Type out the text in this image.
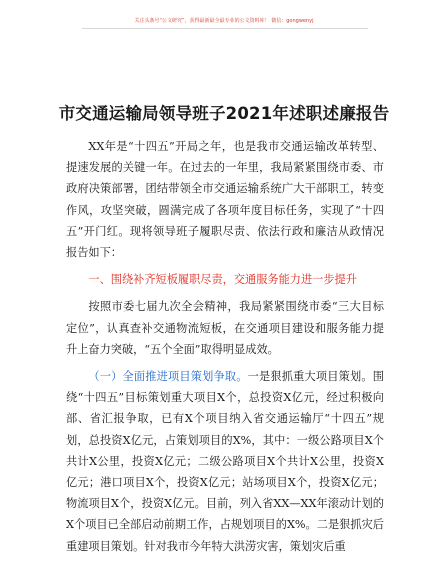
关注头条号“公文研究”，获得最新最全最专业的公文资料库！ 微信：gongwenyj
市交通运输局领导班子2021年述职述廉报告

XX年是“十四五”开局之年，也是我市交通运输改革转型、提速发展的关键一年。在过去的一年里，我局紧紧围绕市委、市政府决策部署，团结带领全市交通运输系统广大干部职工，转变作风，攻坚突破，圆满完成了各项年度目标任务，实现了“十四五”开门红。现将领导班子履职尽责、依法行政和廉洁从政情况报告如下：

一、围绕补齐短板履职尽责，交通服务能力进一步提升

按照市委七届九次全会精神，我局紧紧围绕市委“三大目标定位”，认真查补交通物流短板，在交通项目建设和服务能力提升上奋力突破，“五个全面”取得明显成效。

（一）全面推进项目策划争取。一是狠抓重大项目策划。围绕“十四五”目标策划重大项目X个，总投资X亿元，经过积极向部、省汇报争取，已有X个项目纳入省交通运输厅“十四五”规划，总投资X亿元，占策划项目的X%，其中：一级公路项目X个共计X公里，投资X亿元；二级公路项目X个共计X公里，投资X亿元；港口项目X个，投资X亿元；站场项目X个，投资X亿元；物流项目X个，投资X亿元。目前，列入省XX—XX年滚动计划的X个项目已全部启动前期工作，占规划项目的X%。二是狠抓灾后重建项目策划。针对我市今年特大洪涝灾害，策划灾后重
